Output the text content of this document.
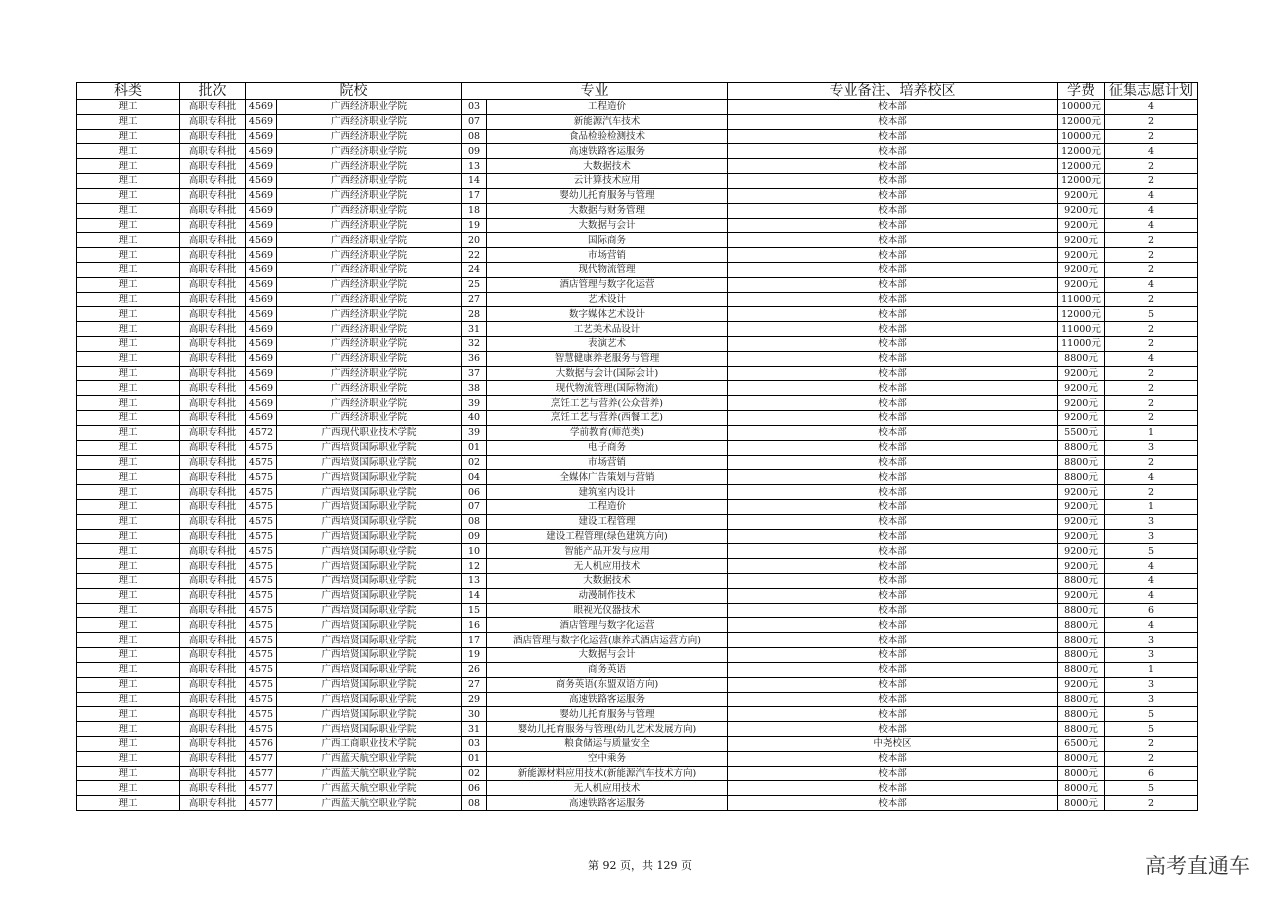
科类	批次	院校		专业		专业备注、培养校区	学费	征集志愿计划
理工	高职专科批	4569	广西经济职业学院	03	工程造价	校本部	10000元	4
理工	高职专科批	4569	广西经济职业学院	07	新能源汽车技术	校本部	12000元	2
理工	高职专科批	4569	广西经济职业学院	08	食品检验检测技术	校本部	10000元	2
理工	高职专科批	4569	广西经济职业学院	09	高速铁路客运服务	校本部	12000元	4
理工	高职专科批	4569	广西经济职业学院	13	大数据技术	校本部	12000元	2
理工	高职专科批	4569	广西经济职业学院	14	云计算技术应用	校本部	12000元	2
理工	高职专科批	4569	广西经济职业学院	17	婴幼儿托育服务与管理	校本部	9200元	4
理工	高职专科批	4569	广西经济职业学院	18	大数据与财务管理	校本部	9200元	4
理工	高职专科批	4569	广西经济职业学院	19	大数据与会计	校本部	9200元	4
理工	高职专科批	4569	广西经济职业学院	20	国际商务	校本部	9200元	2
理工	高职专科批	4569	广西经济职业学院	22	市场营销	校本部	9200元	2
理工	高职专科批	4569	广西经济职业学院	24	现代物流管理	校本部	9200元	2
理工	高职专科批	4569	广西经济职业学院	25	酒店管理与数字化运营	校本部	9200元	4
理工	高职专科批	4569	广西经济职业学院	27	艺术设计	校本部	11000元	2
理工	高职专科批	4569	广西经济职业学院	28	数字媒体艺术设计	校本部	12000元	5
理工	高职专科批	4569	广西经济职业学院	31	工艺美术品设计	校本部	11000元	2
理工	高职专科批	4569	广西经济职业学院	32	表演艺术	校本部	11000元	2
理工	高职专科批	4569	广西经济职业学院	36	智慧健康养老服务与管理	校本部	8800元	4
理工	高职专科批	4569	广西经济职业学院	37	大数据与会计(国际会计)	校本部	9200元	2
理工	高职专科批	4569	广西经济职业学院	38	现代物流管理(国际物流)	校本部	9200元	2
理工	高职专科批	4569	广西经济职业学院	39	烹饪工艺与营养(公众营养)	校本部	9200元	2
理工	高职专科批	4569	广西经济职业学院	40	烹饪工艺与营养(西餐工艺)	校本部	9200元	2
理工	高职专科批	4572	广西现代职业技术学院	39	学前教育(师范类)	校本部	5500元	1
理工	高职专科批	4575	广西培贤国际职业学院	01	电子商务	校本部	8800元	3
理工	高职专科批	4575	广西培贤国际职业学院	02	市场营销	校本部	8800元	2
理工	高职专科批	4575	广西培贤国际职业学院	04	全媒体广告策划与营销	校本部	8800元	4
理工	高职专科批	4575	广西培贤国际职业学院	06	建筑室内设计	校本部	9200元	2
理工	高职专科批	4575	广西培贤国际职业学院	07	工程造价	校本部	9200元	1
理工	高职专科批	4575	广西培贤国际职业学院	08	建设工程管理	校本部	9200元	3
理工	高职专科批	4575	广西培贤国际职业学院	09	建设工程管理(绿色建筑方向)	校本部	9200元	3
理工	高职专科批	4575	广西培贤国际职业学院	10	智能产品开发与应用	校本部	9200元	5
理工	高职专科批	4575	广西培贤国际职业学院	12	无人机应用技术	校本部	9200元	4
理工	高职专科批	4575	广西培贤国际职业学院	13	大数据技术	校本部	8800元	4
理工	高职专科批	4575	广西培贤国际职业学院	14	动漫制作技术	校本部	9200元	4
理工	高职专科批	4575	广西培贤国际职业学院	15	眼视光仪器技术	校本部	8800元	6
理工	高职专科批	4575	广西培贤国际职业学院	16	酒店管理与数字化运营	校本部	8800元	4
理工	高职专科批	4575	广西培贤国际职业学院	17	酒店管理与数字化运营(康养式酒店运营方向)	校本部	8800元	3
理工	高职专科批	4575	广西培贤国际职业学院	19	大数据与会计	校本部	8800元	3
理工	高职专科批	4575	广西培贤国际职业学院	26	商务英语	校本部	8800元	1
理工	高职专科批	4575	广西培贤国际职业学院	27	商务英语(东盟双语方向)	校本部	9200元	3
理工	高职专科批	4575	广西培贤国际职业学院	29	高速铁路客运服务	校本部	8800元	3
理工	高职专科批	4575	广西培贤国际职业学院	30	婴幼儿托育服务与管理	校本部	8800元	5
理工	高职专科批	4575	广西培贤国际职业学院	31	婴幼儿托育服务与管理(幼儿艺术发展方向)	校本部	8800元	5
理工	高职专科批	4576	广西工商职业技术学院	03	粮食储运与质量安全	中尧校区	6500元	2
理工	高职专科批	4577	广西蓝天航空职业学院	01	空中乘务	校本部	8000元	2
理工	高职专科批	4577	广西蓝天航空职业学院	02	新能源材料应用技术(新能源汽车技术方向)	校本部	8000元	6
理工	高职专科批	4577	广西蓝天航空职业学院	06	无人机应用技术	校本部	8000元	5
理工	高职专科批	4577	广西蓝天航空职业学院	08	高速铁路客运服务	校本部	8000元	2
第 92 页，共 129 页	高考直通车
